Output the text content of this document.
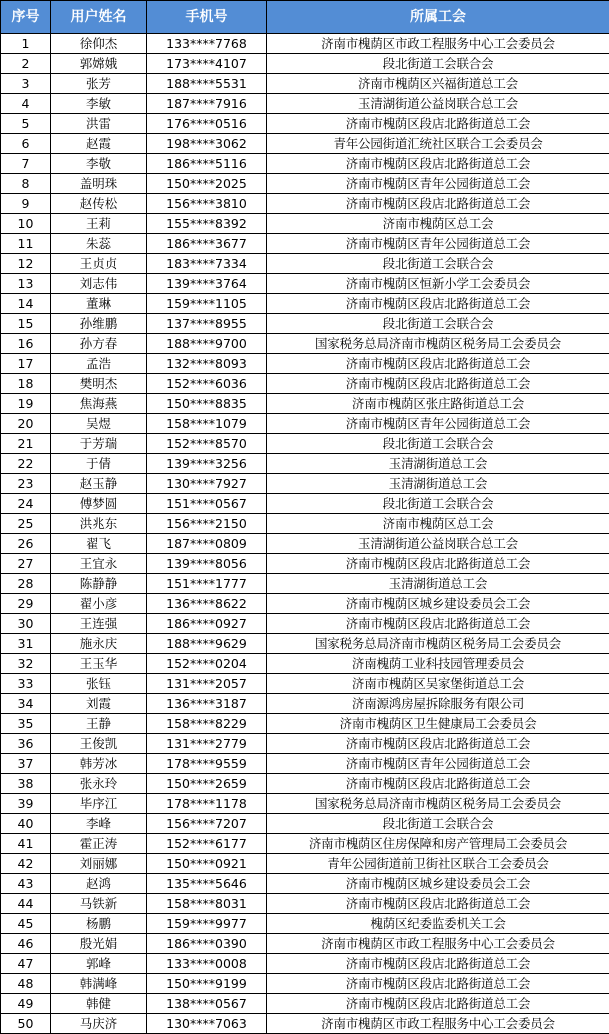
序号	用户姓名	手机号	所属工会
1	徐仰杰	133****7768	济南市槐荫区市政工程服务中心工会委员会
2	郭嫦娥	173****4107	段北街道工会联合会
3	张芳	188****5531	济南市槐荫区兴福街道总工会
4	李敏	187****7916	玉清湖街道公益岗联合总工会
5	洪雷	176****0516	济南市槐荫区段店北路街道总工会
6	赵霞	198****3062	青年公园街道汇统社区联合工会委员会
7	李敬	186****5116	济南市槐荫区段店北路街道总工会
8	盖明珠	150****2025	济南市槐荫区青年公园街道总工会
9	赵传松	156****3810	济南市槐荫区段店北路街道总工会
10	王莉	155****8392	济南市槐荫区总工会
11	朱蕊	186****3677	济南市槐荫区青年公园街道总工会
12	王贞贞	183****7334	段北街道工会联合会
13	刘志伟	139****3764	济南市槐荫区恒新小学工会委员会
14	董琳	159****1105	济南市槐荫区段店北路街道总工会
15	孙维鹏	137****8955	段北街道工会联合会
16	孙方春	188****9700	国家税务总局济南市槐荫区税务局工会委员会
17	孟浩	132****8093	济南市槐荫区段店北路街道总工会
18	樊明杰	152****6036	济南市槐荫区段店北路街道总工会
19	焦海燕	150****8835	济南市槐荫区张庄路街道总工会
20	吴煜	158****1079	济南市槐荫区青年公园街道总工会
21	于芳瑞	152****8570	段北街道工会联合会
22	于倩	139****3256	玉清湖街道总工会
23	赵玉静	130****7927	玉清湖街道总工会
24	傅梦圆	151****0567	段北街道工会联合会
25	洪兆东	156****2150	济南市槐荫区总工会
26	翟飞	187****0809	玉清湖街道公益岗联合总工会
27	王宜永	139****8056	济南市槐荫区段店北路街道总工会
28	陈静静	151****1777	玉清湖街道总工会
29	翟小彦	136****8622	济南市槐荫区城乡建设委员会工会
30	王连强	186****0927	济南市槐荫区段店北路街道总工会
31	施永庆	188****9629	国家税务总局济南市槐荫区税务局工会委员会
32	王玉华	152****0204	济南槐荫工业科技园管理委员会
33	张钰	131****2057	济南市槐荫区吴家堡街道总工会
34	刘霞	136****3187	济南源鸿房屋拆除服务有限公司
35	王静	158****8229	济南市槐荫区卫生健康局工会委员会
36	王俊凯	131****2779	济南市槐荫区段店北路街道总工会
37	韩芳冰	178****9559	济南市槐荫区青年公园街道总工会
38	张永玲	150****2659	济南市槐荫区段店北路街道总工会
39	毕序江	178****1178	国家税务总局济南市槐荫区税务局工会委员会
40	李峰	156****7207	段北街道工会联合会
41	霍正涛	152****6177	济南市槐荫区住房保障和房产管理局工会委员会
42	刘丽娜	150****0921	青年公园街道前卫街社区联合工会委员会
43	赵鸿	135****5646	济南市槐荫区城乡建设委员会工会
44	马铁新	158****8031	济南市槐荫区段店北路街道总工会
45	杨鹏	159****9977	槐荫区纪委监委机关工会
46	殷光娟	186****0390	济南市槐荫区市政工程服务中心工会委员会
47	郭峰	133****0008	济南市槐荫区段店北路街道总工会
48	韩满峰	150****9199	济南市槐荫区段店北路街道总工会
49	韩健	138****0567	济南市槐荫区段店北路街道总工会
50	马庆济	130****7063	济南市槐荫区市政工程服务中心工会委员会
